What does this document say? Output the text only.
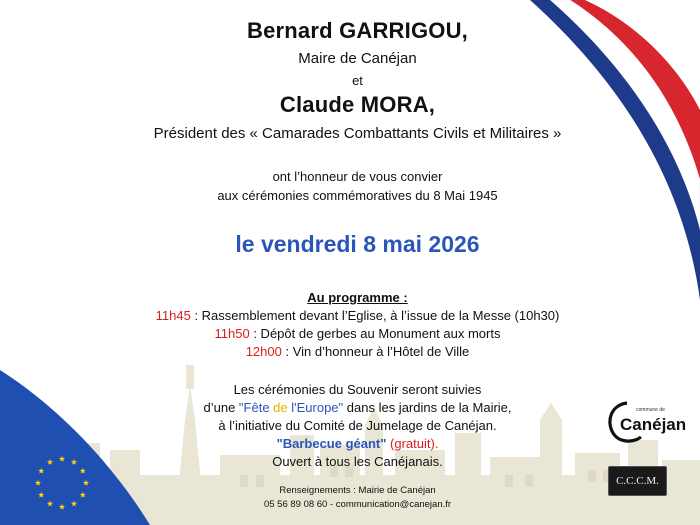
Bernard GARRIGOU,
Maire de Canéjan
et
Claude MORA,
Président des « Camarades Combattants Civils et Militaires »
ont l’honneur de vous convier
aux cérémonies commémoratives du 8 Mai 1945
le vendredi 8 mai 2026
Au programme :
11h45 : Rassemblement devant l’Eglise, à l’issue de la Messe (10h30)
11h50 : Dépôt de gerbes au Monument aux morts
12h00 : Vin d’honneur à l’Hôtel de Ville
Les cérémonies du Souvenir seront suivies
d’une "Fête de l'Europe" dans les jardins de la Mairie,
à l’initiative du Comité de Jumelage de Canéjan.
"Barbecue géant" (gratuit).
Ouvert à tous les Canéjanais.
Renseignements : Mairie de Canéjan
05 56 89 08 60 - communication@canejan.fr
commune de
Canéjan
C.C.C.M.
